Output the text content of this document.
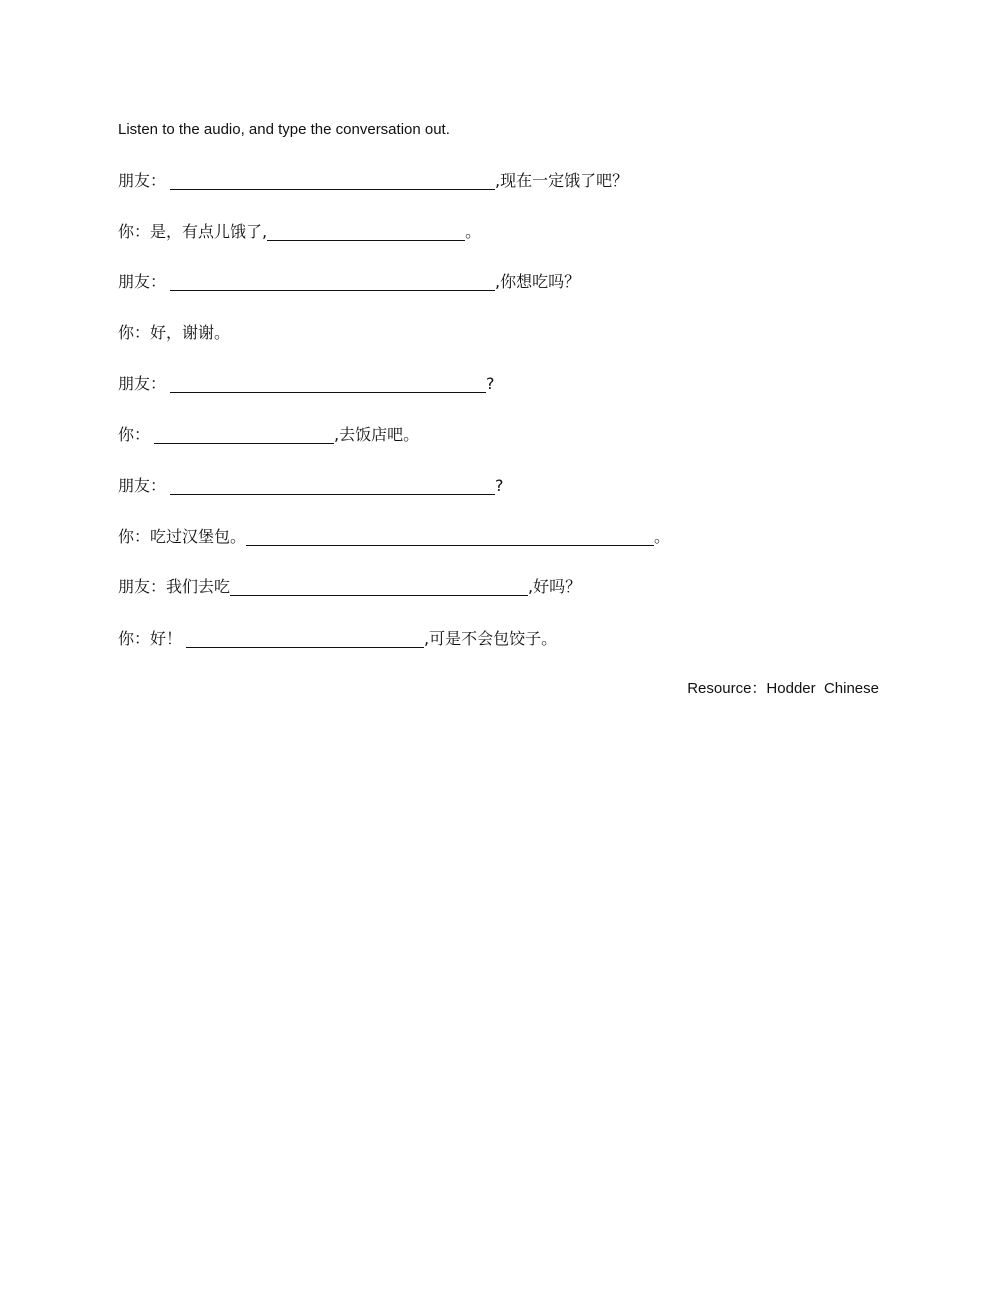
Listen to the audio, and type the conversation out.
朋友：	,现在一定饿了吧？
你： 是，有点儿饿了,	。
朋友：	,你想吃吗？
你： 好，谢谢。
朋友：	?
你：	,去饭店吧。
朋友：	?
你： 吃过汉堡包。	。
朋友： 我们去吃	,好吗？
你： 好！	,可是不会包饺子。
Resource：Hodder  Chinese
